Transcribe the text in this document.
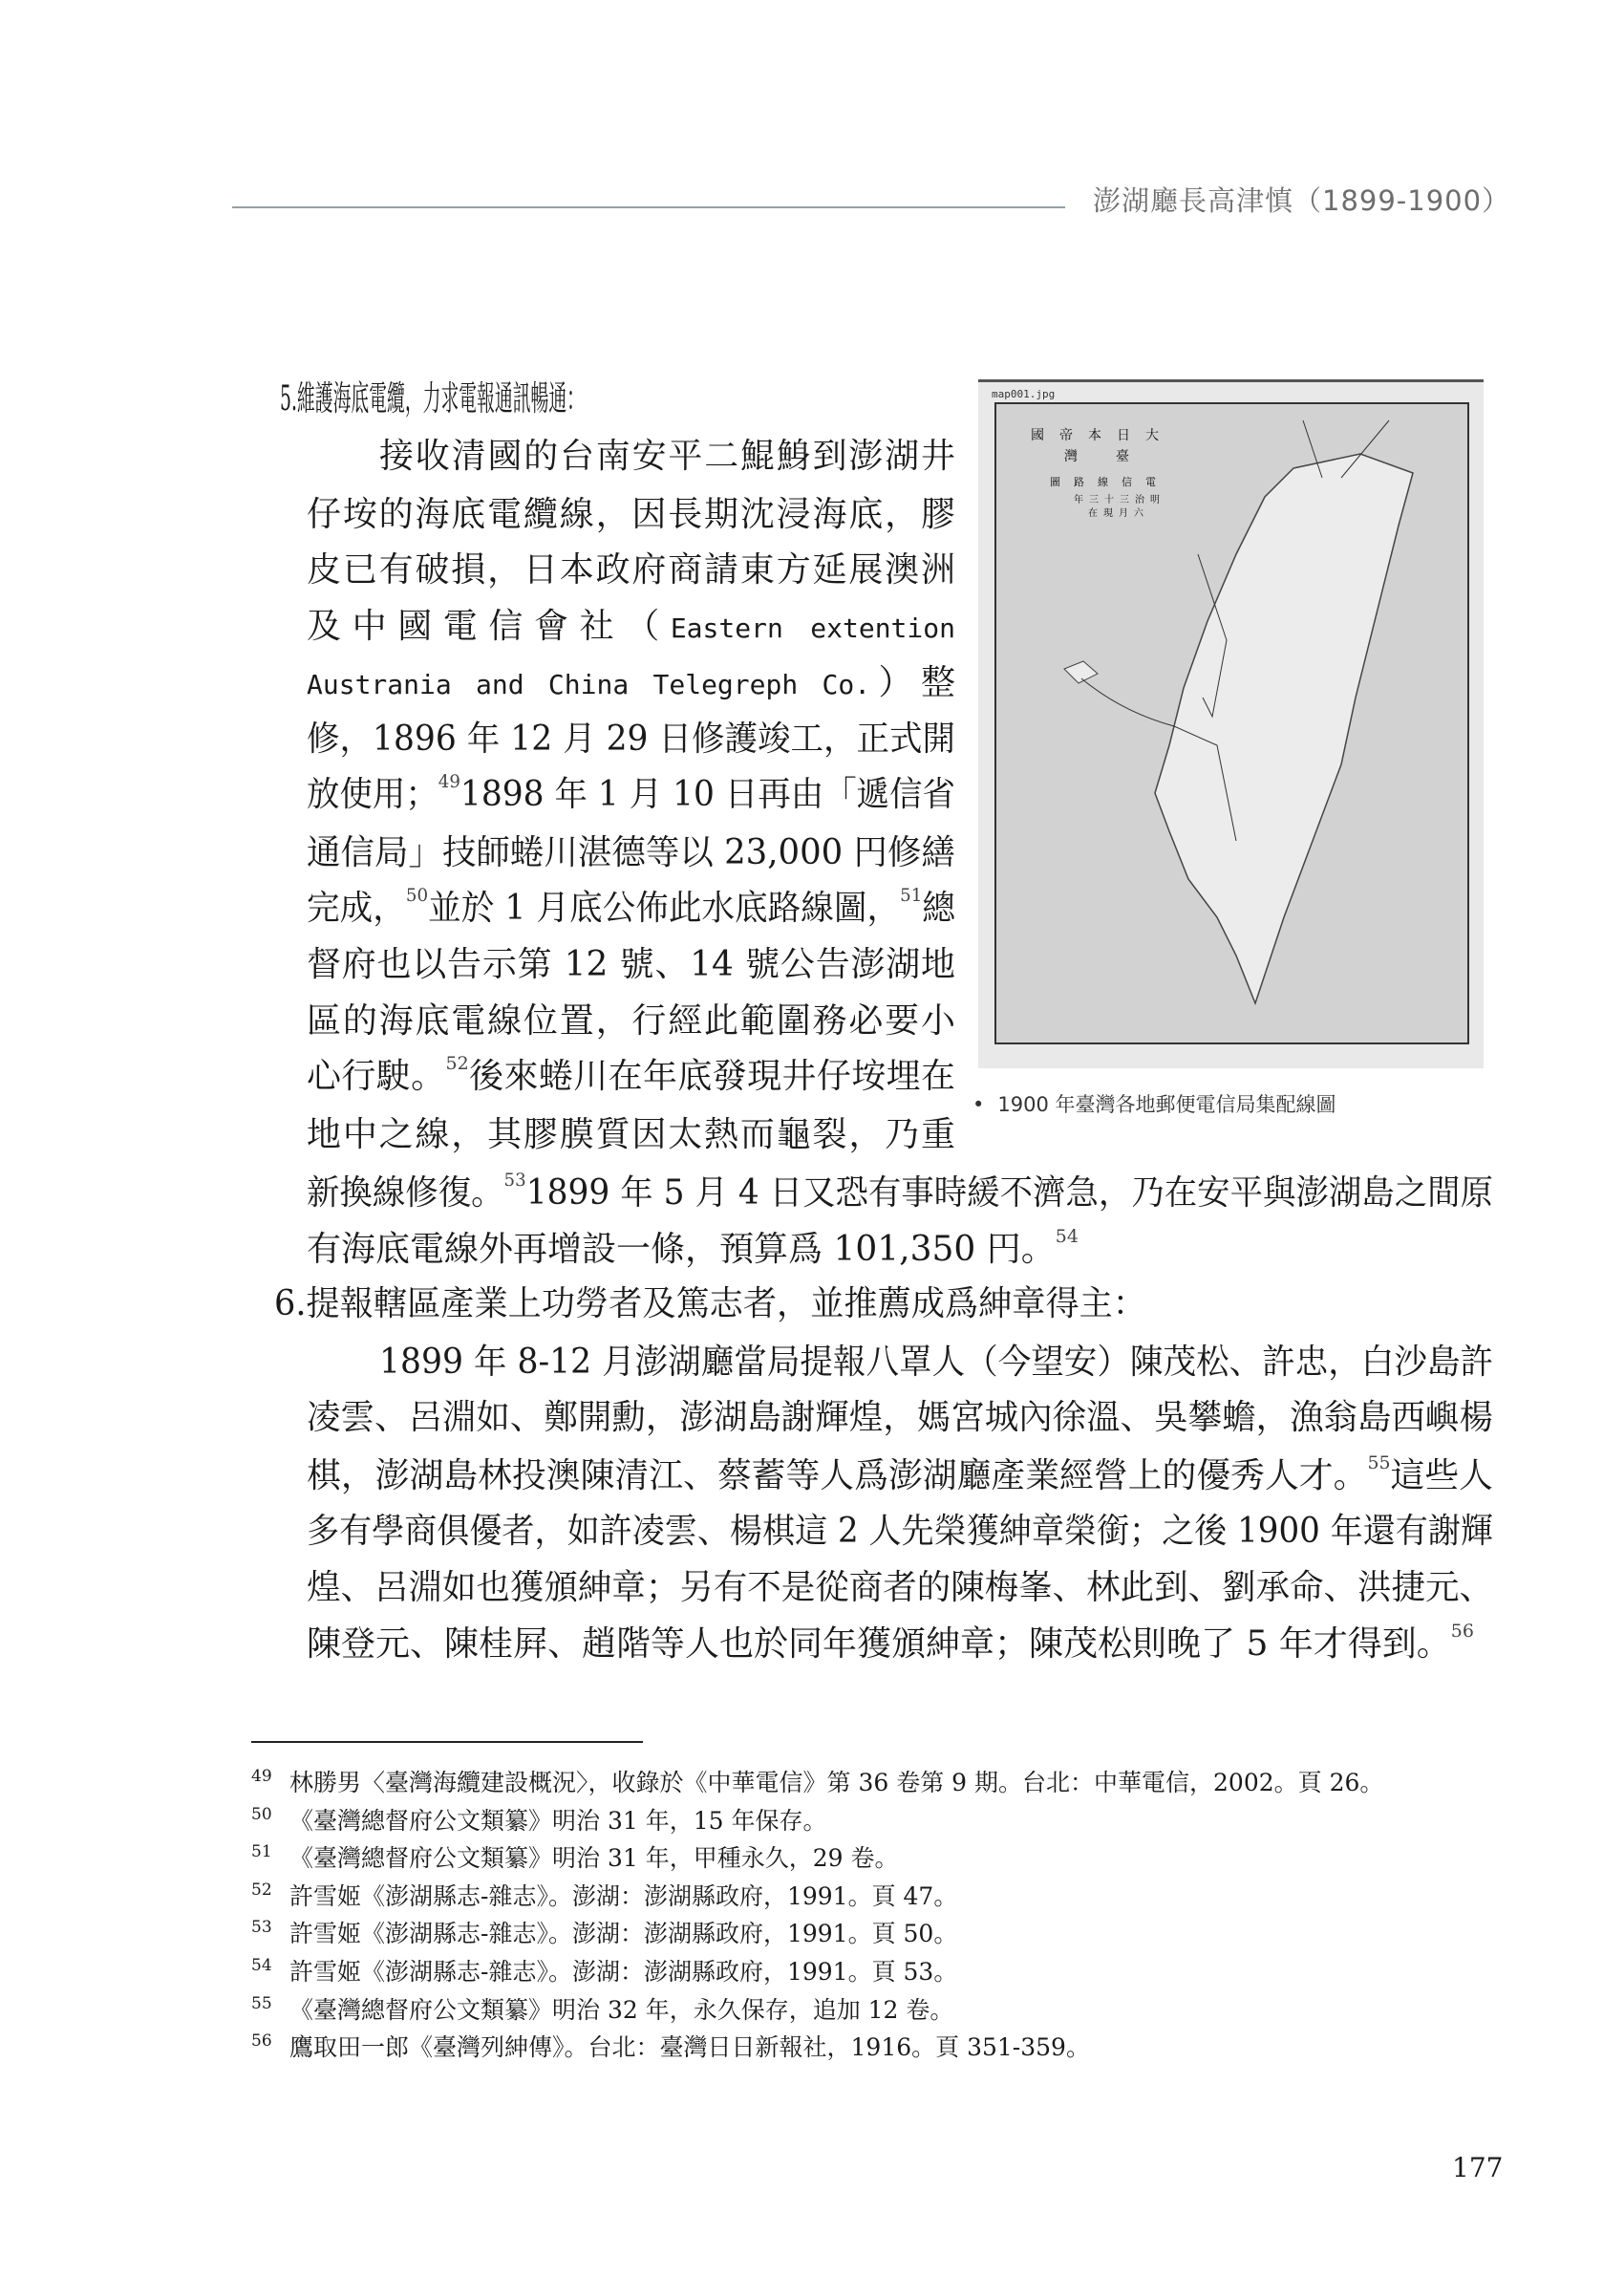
澎湖廳長高津慎（1899-1900）
5.維護海底電纜，力求電報通訊暢通：
接收清國的台南安平二鯤鯓到澎湖井
仔垵的海底電纜線，因長期沈浸海底，膠
皮已有破損，日本政府商請東方延展澳洲
及中國電信會社（Eastern extention
Austrania and China Telegreph Co.）整
修，1896 年 12 月 29 日修護竣工，正式開
放使用；$^{49}$1898 年 1 月 10 日再由「遞信省
通信局」技師蜷川湛德等以 23,000 円修繕
完成，$^{50}$並於 1 月底公佈此水底路線圖，$^{51}$總
督府也以告示第 12 號、14 號公告澎湖地
區的海底電線位置，行經此範圍務必要小
心行駛。$^{52}$後來蜷川在年底發現井仔垵埋在
地中之線，其膠膜質因太熱而龜裂，乃重
新換線修復。$^{53}$1899 年 5 月 4 日又恐有事時緩不濟急，乃在安平與澎湖島之間原
有海底電線外再增設一條，預算爲 101,350 円。$^{54}$
6.提報轄區產業上功勞者及篤志者，並推薦成爲紳章得主：
1899 年 8-12 月澎湖廳當局提報八罩人（今望安）陳茂松、許忠，白沙島許
凌雲、呂淵如、鄭開勳，澎湖島謝輝煌，媽宮城內徐溫、吳攀蟾，漁翁島西嶼楊
棋，澎湖島林投澳陳清江、蔡蓄等人爲澎湖廳產業經營上的優秀人才。$^{55}$這些人
多有學商俱優者，如許凌雲、楊棋這 2 人先榮獲紳章榮銜；之後 1900 年還有謝輝
煌、呂淵如也獲頒紳章；另有不是從商者的陳梅峯、林此到、劉承命、洪捷元、
陳登元、陳桂屛、趙階等人也於同年獲頒紳章；陳茂松則晚了 5 年才得到。$^{56}$
國帝本日大
灣臺
圖路線信電
年三十三治明
在現月六
map001.jpg
• 1900 年臺灣各地郵便電信局集配線圖
49 林勝男〈臺灣海纜建設概況〉，收錄於《中華電信》第 36 卷第 9 期。台北：中華電信，2002。頁 26。
50 《臺灣總督府公文類纂》明治 31 年，15 年保存。
51 《臺灣總督府公文類纂》明治 31 年，甲種永久，29 卷。
52 許雪姬《澎湖縣志-雜志》。澎湖：澎湖縣政府，1991。頁 47。
53 許雪姬《澎湖縣志-雜志》。澎湖：澎湖縣政府，1991。頁 50。
54 許雪姬《澎湖縣志-雜志》。澎湖：澎湖縣政府，1991。頁 53。
55 《臺灣總督府公文類纂》明治 32 年，永久保存，追加 12 卷。
56 鷹取田一郎《臺灣列紳傳》。台北：臺灣日日新報社，1916。頁 351-359。
177
